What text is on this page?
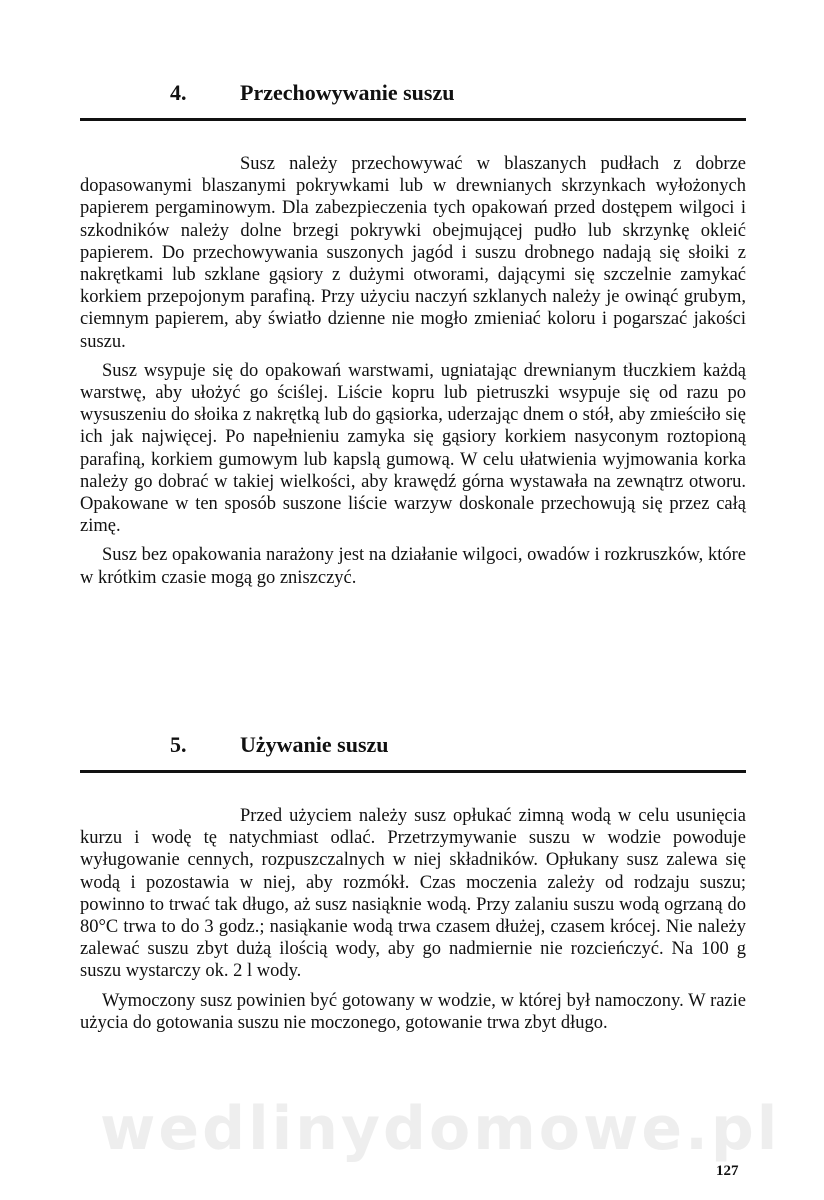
4. Przechowywanie suszu

Susz należy przechowywać w blaszanych pudłach z dobrze dopasowanymi blaszanymi pokrywkami lub w drewnianych skrzynkach wyłożonych papierem pergaminowym. Dla zabezpieczenia tych opakowań przed dostępem wilgoci i szkodników należy dolne brzegi pokrywki obejmującej pudło lub skrzynkę okleić papierem. Do przechowywania suszonych jagód i suszu drobnego nadają się słoiki z nakrętkami lub szklane gąsiory z dużymi otworami, dającymi się szczelnie zamykać korkiem przepojonym parafiną. Przy użyciu naczyń szklanych należy je owinąć grubym, ciemnym papierem, aby światło dzienne nie mogło zmieniać koloru i pogarszać jakości suszu.

Susz wsypuje się do opakowań warstwami, ugniatając drewnianym tłuczkiem każdą warstwę, aby ułożyć go ściślej. Liście kopru lub pietruszki wsypuje się od razu po wysuszeniu do słoika z nakrętką lub do gąsiorka, uderzając dnem o stół, aby zmieściło się ich jak najwięcej. Po napełnieniu zamyka się gąsiory korkiem nasyconym roztopioną parafiną, korkiem gumowym lub kapslą gumową. W celu ułatwienia wyjmowania korka należy go dobrać w takiej wielkości, aby krawędź górna wystawała na zewnątrz otworu. Opakowane w ten sposób suszone liście warzyw doskonale przechowują się przez całą zimę.

Susz bez opakowania narażony jest na działanie wilgoci, owadów i rozkruszków, które w krótkim czasie mogą go zniszczyć.

5. Używanie suszu

Przed użyciem należy susz opłukać zimną wodą w celu usunięcia kurzu i wodę tę natychmiast odlać. Przetrzymywanie suszu w wodzie powoduje wyługowanie cennych, rozpuszczalnych w niej składników. Opłukany susz zalewa się wodą i pozostawia w niej, aby rozmókł. Czas moczenia zależy od rodzaju suszu; powinno to trwać tak długo, aż susz nasiąknie wodą. Przy zalaniu suszu wodą ogrzaną do 80°C trwa to do 3 godz.; nasiąkanie wodą trwa czasem dłużej, czasem krócej. Nie należy zalewać suszu zbyt dużą ilością wody, aby go nadmiernie nie rozcieńczyć. Na 100 g suszu wystarczy ok. 2 l wody.

Wymoczony susz powinien być gotowany w wodzie, w której był namoczony. W razie użycia do gotowania suszu nie moczonego, gotowanie trwa zbyt długo.

wedlinydomowe.pl
127
